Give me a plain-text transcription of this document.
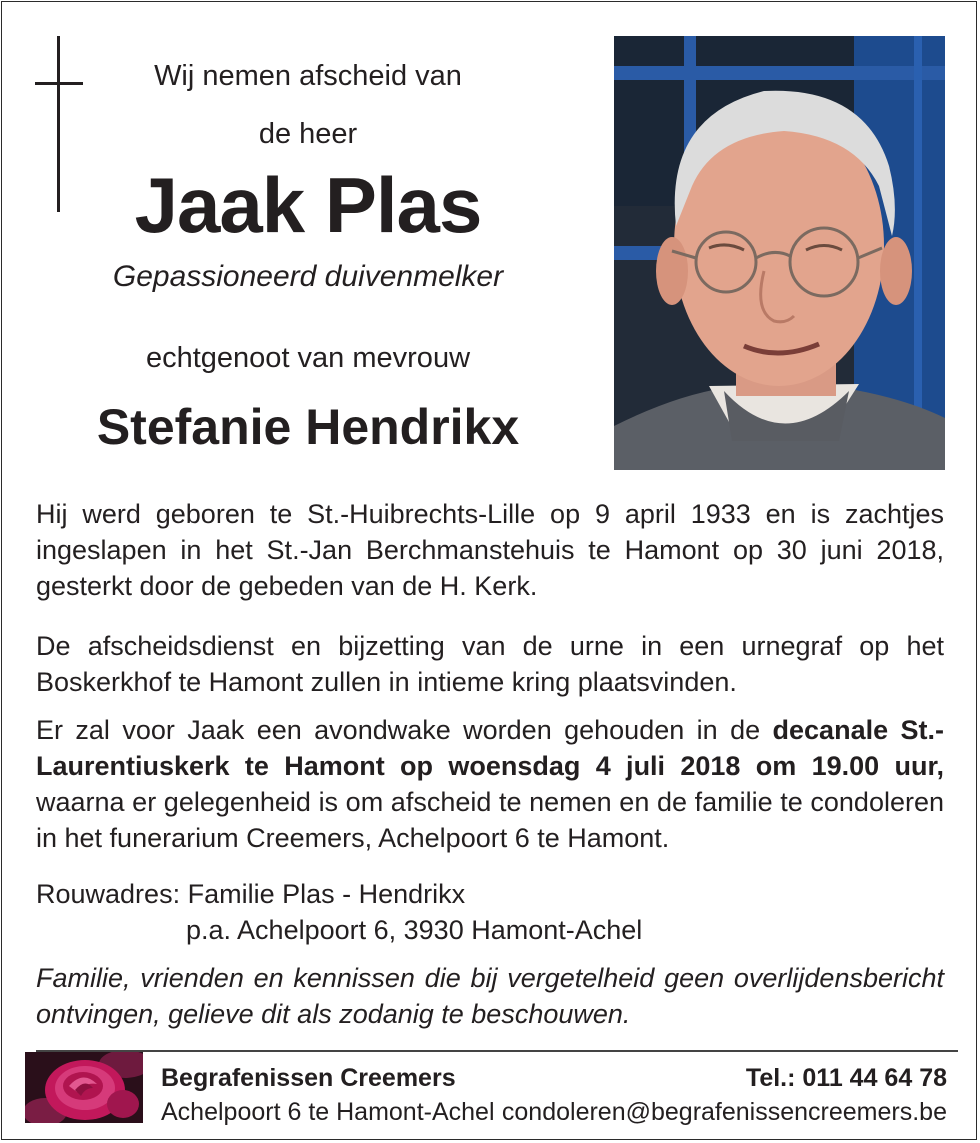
Wij nemen afscheid van
de heer
Jaak Plas
Gepassioneerd duivenmelker
echtgenoot van mevrouw
Stefanie Hendrikx
Hij werd geboren te St.-Huibrechts-Lille op 9 april 1933 en is zachtjes ingeslapen in het St.-Jan Berchmanstehuis te Hamont op 30 juni 2018, gesterkt door de gebeden van de H. Kerk.
De afscheidsdienst en bijzetting van de urne in een urnegraf op het Boskerkhof te Hamont zullen in intieme kring plaatsvinden.
Er zal voor Jaak een avondwake worden gehouden in de decanale St.-Laurentiuskerk te Hamont op woensdag 4 juli 2018 om 19.00 uur, waarna er gelegenheid is om afscheid te nemen en de familie te condoleren in het funerarium Creemers, Achelpoort 6 te Hamont.
Rouwadres: Familie Plas - Hendrikx
p.a. Achelpoort 6, 3930 Hamont-Achel
Familie, vrienden en kennissen die bij vergetelheid geen overlijdensbericht ontvingen, gelieve dit als zodanig te beschouwen.
Begrafenissen Creemers
Achelpoort 6 te Hamont-Achel
Tel.: 011 44 64 78
condoleren@begrafenissencreemers.be
